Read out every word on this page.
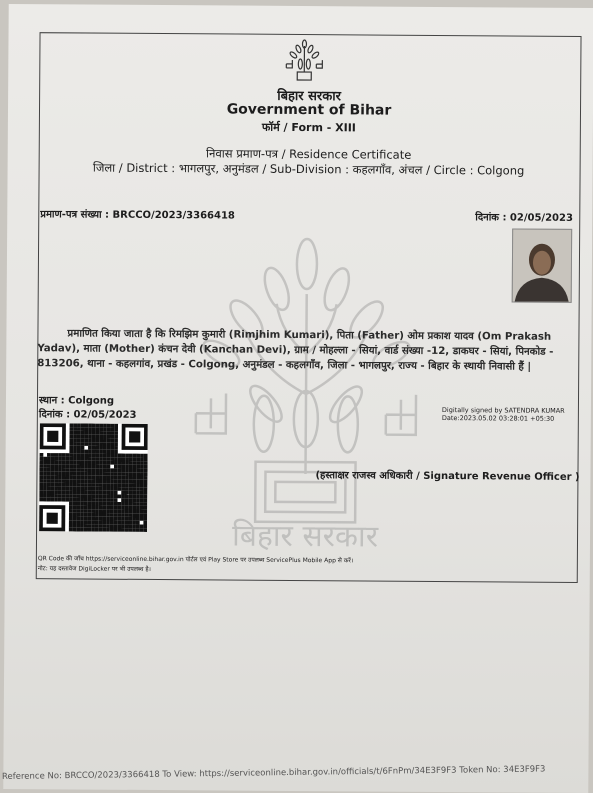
बिहार सरकार
बिहार सरकार
Government of Bihar
फॉर्म / Form - XIII
निवास प्रमाण-पत्र / Residence Certificate
जिला / District : भागलपुर, अनुमंडल / Sub-Division : कहलगाँव, अंचल / Circle : Colgong
प्रमाण-पत्र संख्या : BRCCO/2023/3366418	दिनांक : 02/05/2023

प्रमाणित किया जाता है कि रिमझिम कुमारी (Rimjhim Kumari), पिता (Father) ओम प्रकाश यादव (Om Prakash Yadav), माता (Mother) कंचन देवी (Kanchan Devi), ग्राम / मोहल्ला - सियां, वार्ड संख्या -12, डाकघर - सियां, पिनकोड - 813206, थाना - कहलगांव, प्रखंड - Colgong, अनुमंडल - कहलगाँव, जिला - भागलपुर, राज्य - बिहार के स्थायी निवासी हैं |

स्थान : Colgong
दिनांक : 02/05/2023	Digitally signed by SATENDRA KUMAR
Date:2023.05.02 03:28:01 +05:30
(हस्ताक्षर राजस्व अधिकारी / Signature Revenue Officer )
QR Code की जाँच https://serviceonline.bihar.gov.in पोर्टल एवं Play Store पर उपलब्ध ServicePlus Mobile App से करें।
नोट: यह दस्तावेज DigiLocker पर भी उपलब्ध है।
Reference No: BRCCO/2023/3366418 To View: https://serviceonline.bihar.gov.in/officials/t/6FnPm/34E3F9F3 Token No: 34E3F9F3
